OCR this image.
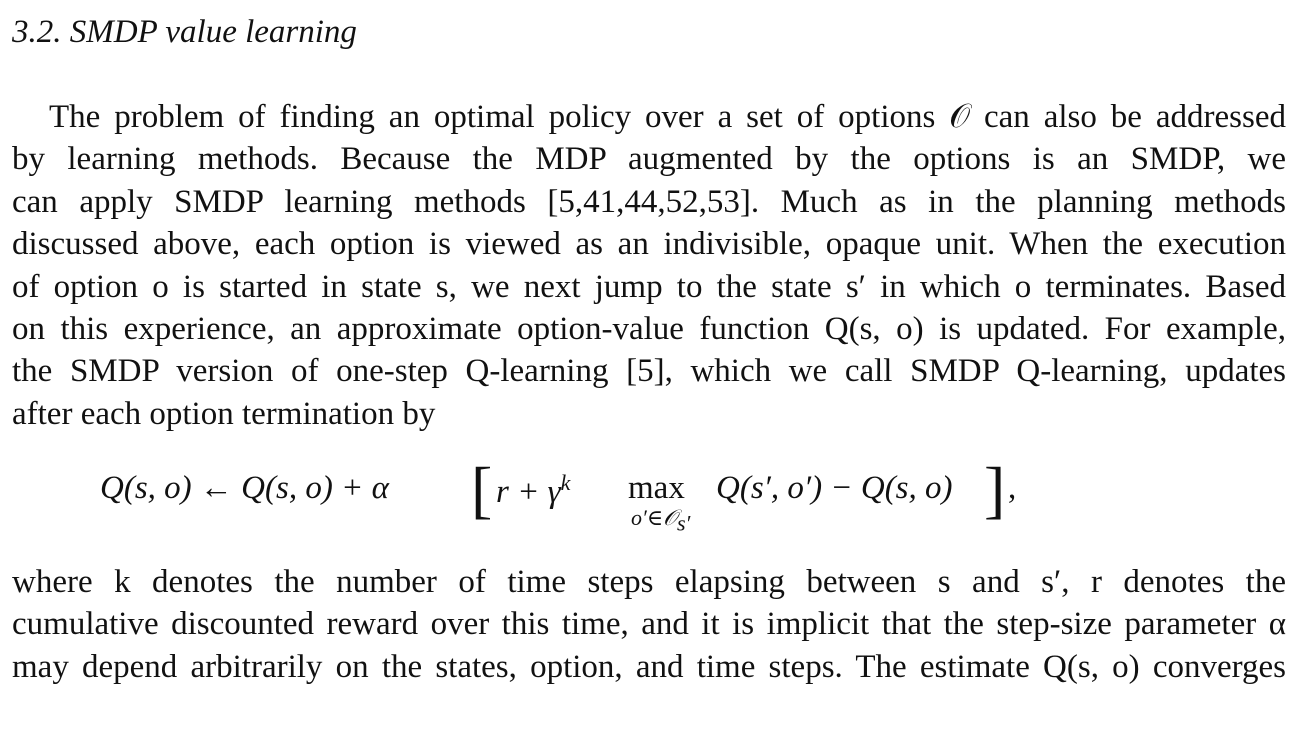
3.2. SMDP value learning
The problem of finding an optimal policy over a set of options 𝒪 can also be addressed
by learning methods. Because the MDP augmented by the options is an SMDP, we
can apply SMDP learning methods [5,41,44,52,53]. Much as in the planning methods
discussed above, each option is viewed as an indivisible, opaque unit. When the execution
of option o is started in state s, we next jump to the state s′ in which o terminates. Based
on this experience, an approximate option-value function Q(s, o) is updated. For example,
the SMDP version of one-step Q-learning [5], which we call SMDP Q-learning, updates
after each option termination by
Q(s, o) ← Q(s, o) + α [ $r + \gamma^k$ max
o′∈𝒪$_{s'}$
Q(s′, o′) − Q(s, o) ] ,
where k denotes the number of time steps elapsing between s and s′, r denotes the
cumulative discounted reward over this time, and it is implicit that the step-size parameter α
may depend arbitrarily on the states, option, and time steps. The estimate Q(s, o) converges
